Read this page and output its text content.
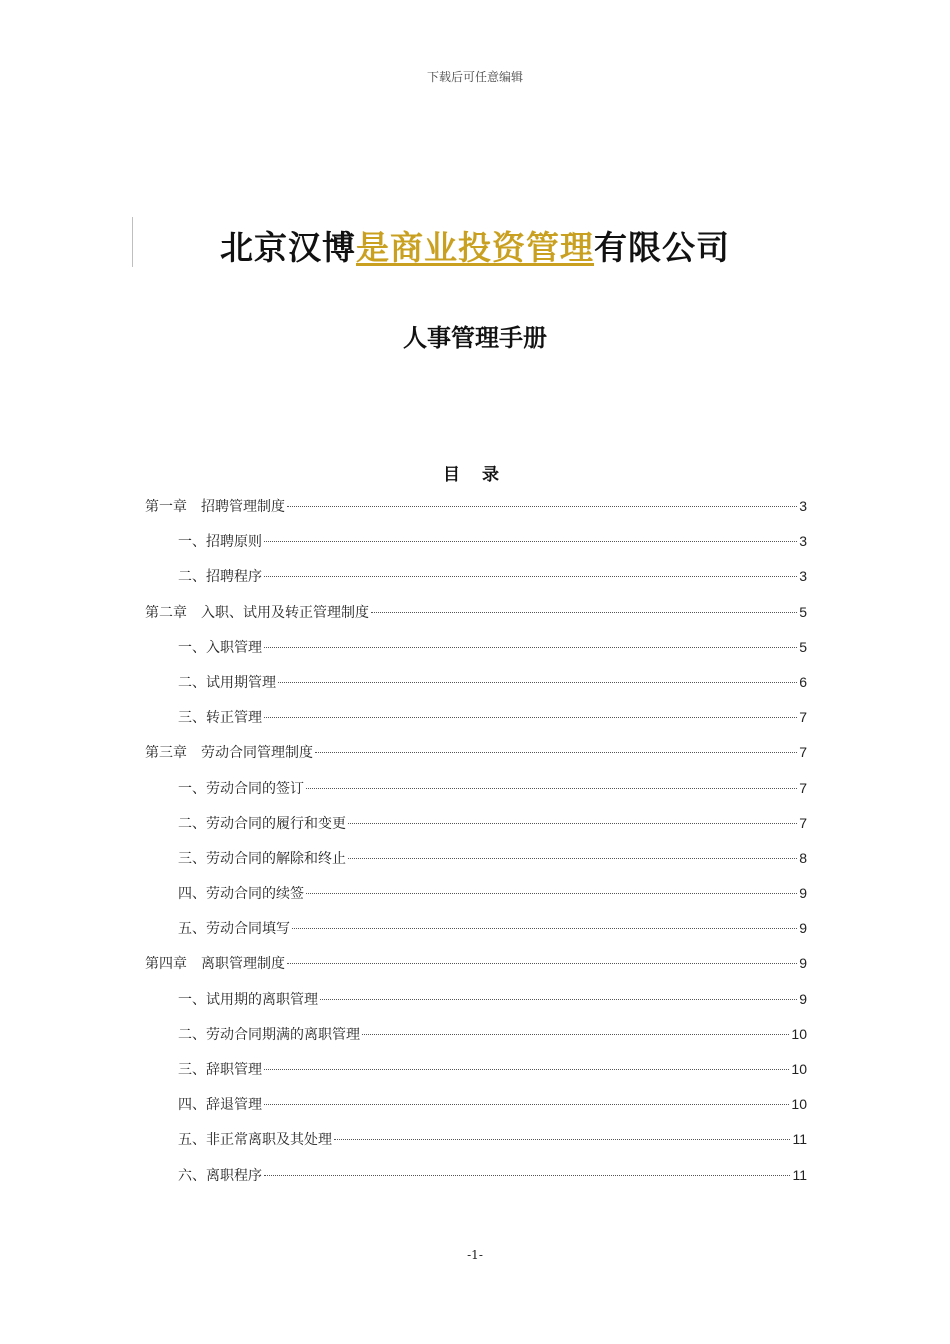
下载后可任意编辑
北京汉博是商业投资管理有限公司
人事管理手册
目 录
第一章　招聘管理制度	3
一、招聘原则	3
二、招聘程序	3
第二章　入职、试用及转正管理制度	5
一、入职管理	5
二、试用期管理	6
三、转正管理	7
第三章　劳动合同管理制度	7
一、劳动合同的签订	7
二、劳动合同的履行和变更	7
三、劳动合同的解除和终止	8
四、劳动合同的续签	9
五、劳动合同填写	9
第四章　离职管理制度	9
一、试用期的离职管理	9
二、劳动合同期满的离职管理	10
三、辞职管理	10
四、辞退管理	10
五、非正常离职及其处理	11
六、离职程序	11
-1-
